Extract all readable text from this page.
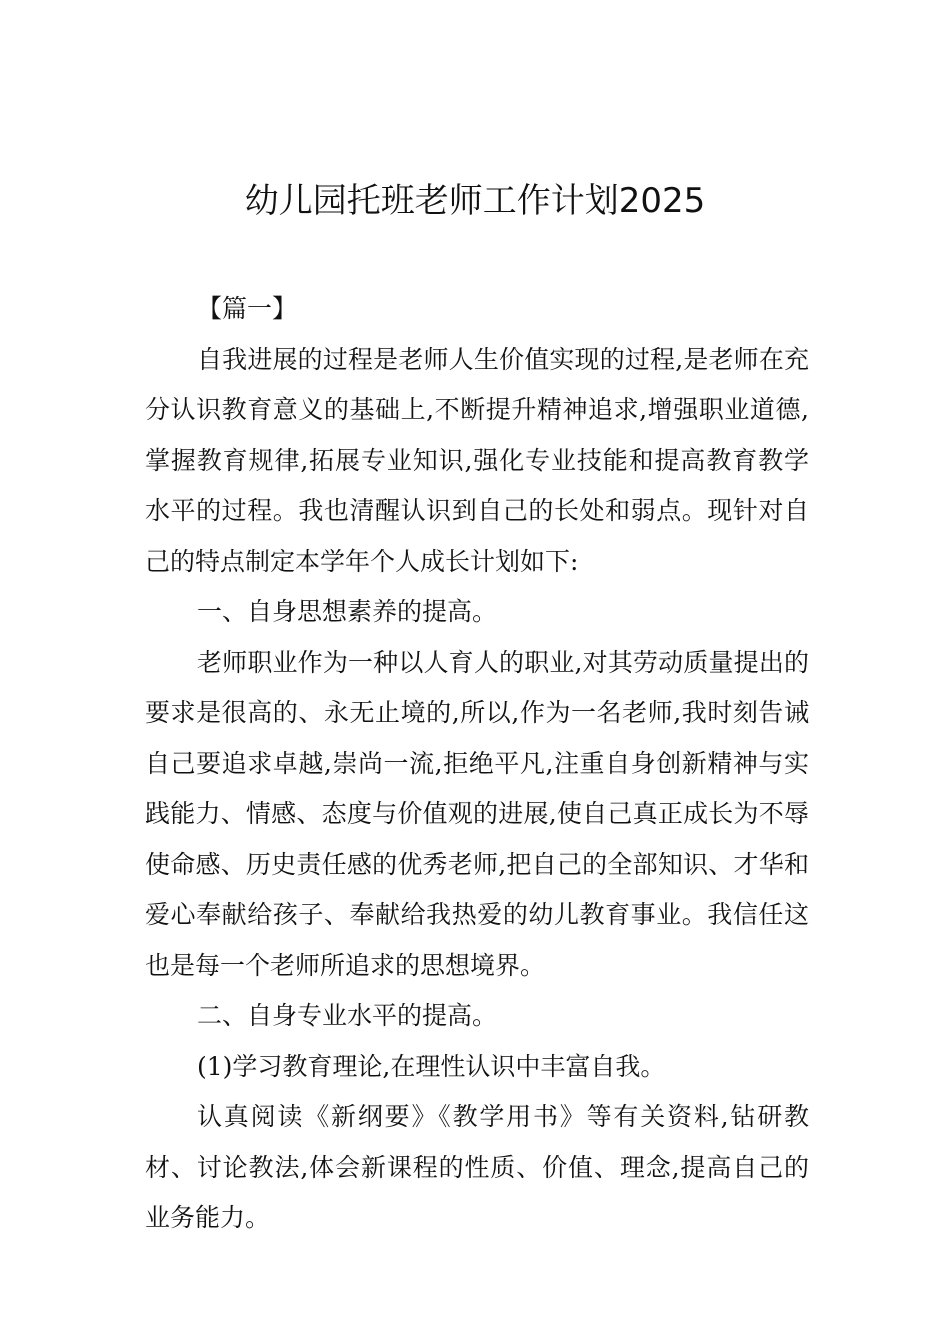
幼儿园托班老师工作计划2025

【篇一】

自我进展的过程是老师人生价值实现的过程,是老师在充分认识教育意义的基础上,不断提升精神追求,增强职业道德,掌握教育规律,拓展专业知识,强化专业技能和提高教育教学水平的过程。我也清醒认识到自己的长处和弱点。现针对自己的特点制定本学年个人成长计划如下:

一、自身思想素养的提高。

老师职业作为一种以人育人的职业,对其劳动质量提出的要求是很高的、永无止境的,所以,作为一名老师,我时刻告诫自己要追求卓越,崇尚一流,拒绝平凡,注重自身创新精神与实践能力、情感、态度与价值观的进展,使自己真正成长为不辱使命感、历史责任感的优秀老师,把自己的全部知识、才华和爱心奉献给孩子、奉献给我热爱的幼儿教育事业。我信任这也是每一个老师所追求的思想境界。

二、自身专业水平的提高。

(1)学习教育理论,在理性认识中丰富自我。

认真阅读《新纲要》《教学用书》等有关资料,钻研教材、讨论教法,体会新课程的性质、价值、理念,提高自己的业务能力。
